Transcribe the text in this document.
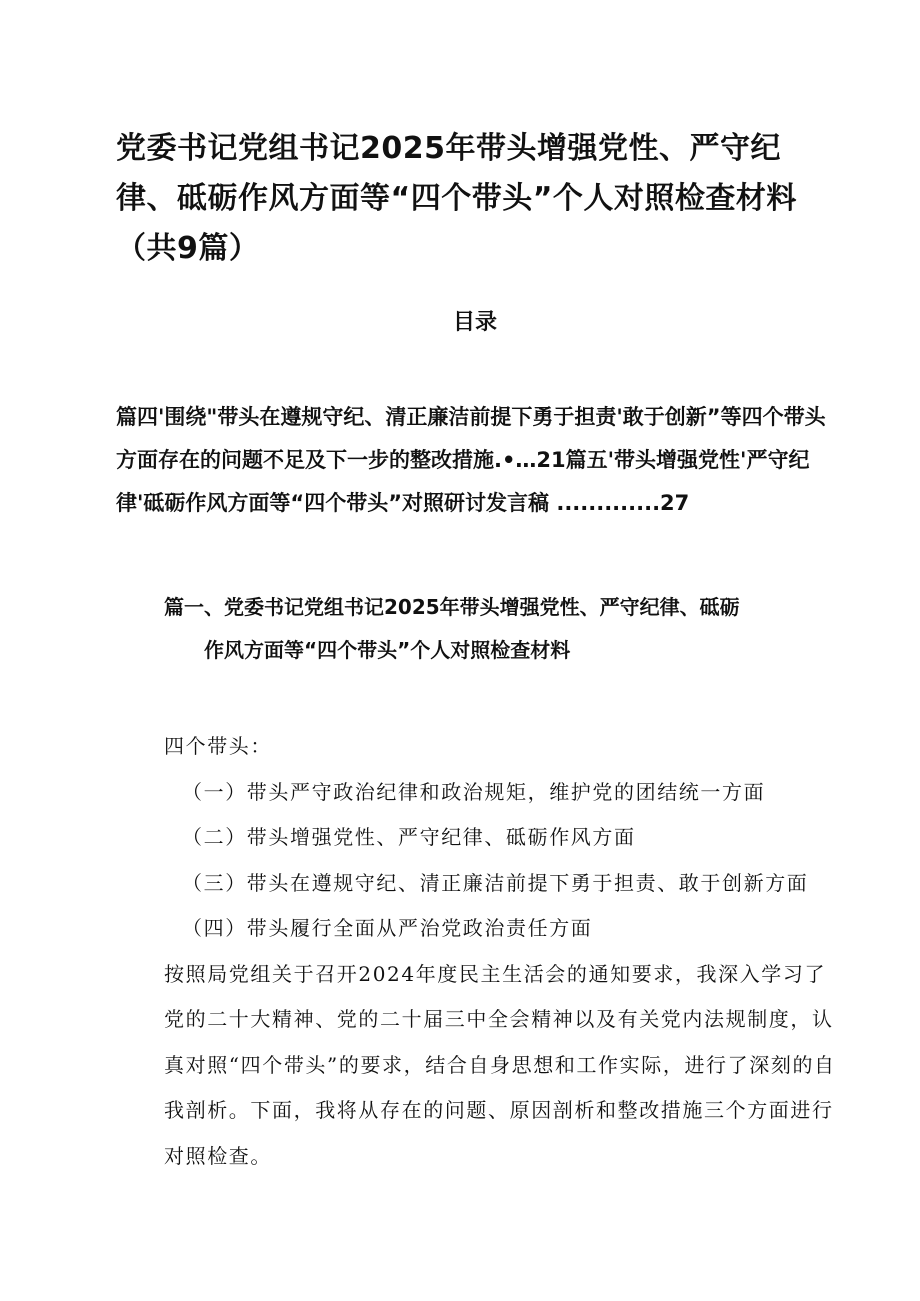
党委书记党组书记2025年带头增强党性、严守纪律、砥砺作风方面等“四个带头”个人对照检查材料（共9篇）
目录

篇四'围绕"带头在遵规守纪、清正廉洁前提下勇于担责'敢于创新”等四个带头方面存在的问题不足及下一步的整改措施.•…21篇五'带头增强党性'严守纪律'砥砺作风方面等“四个带头”对照研讨发言稿 .............27

篇一、党委书记党组书记2025年带头增强党性、严守纪律、砥砺
作风方面等“四个带头”个人对照检查材料

四个带头：

（一）带头严守政治纪律和政治规矩，维护党的团结统一方面

（二）带头增强党性、严守纪律、砥砺作风方面

（三）带头在遵规守纪、清正廉洁前提下勇于担责、敢于创新方面

（四）带头履行全面从严治党政治责任方面

按照局党组关于召开2024年度民主生活会的通知要求，我深入学习了党的二十大精神、党的二十届三中全会精神以及有关党内法规制度，认真对照“四个带头”的要求，结合自身思想和工作实际，进行了深刻的自我剖析。下面，我将从存在的问题、原因剖析和整改措施三个方面进行对照检查。
